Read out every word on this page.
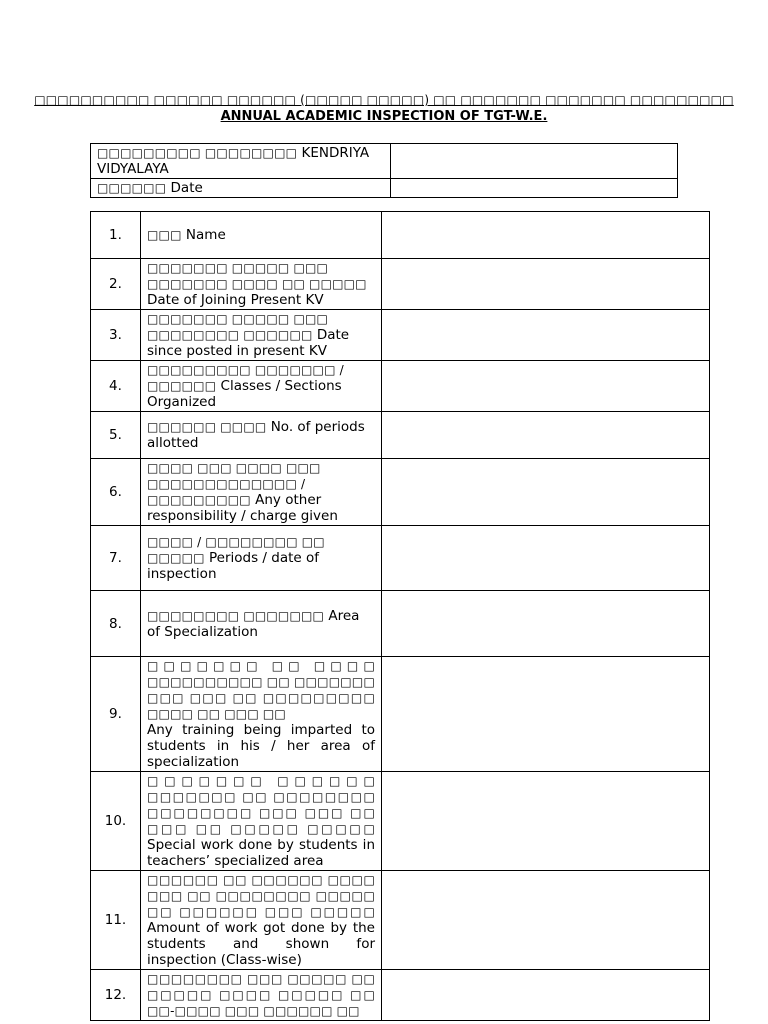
□□□□□□□□□□ □□□□□□ □□□□□□ (□□□□□ □□□□□) □□ □□□□□□□ □□□□□□□ □□□□□□□□□
ANNUAL ACADEMIC INSPECTION OF TGT-W.E.
□□□□□□□□□ □□□□□□□□ KENDRIYA VIDYALAYA	
□□□□□□ Date	
1.	□□□ Name	
2.	□□□□□□□ □□□□□ □□□ □□□□□□□ □□□□ □□ □□□□□ Date of Joining Present KV	
3.	□□□□□□□ □□□□□ □□□ □□□□□□□□ □□□□□□ Date since posted in present KV	
4.	□□□□□□□□□ □□□□□□□ / □□□□□□ Classes / Sections Organized	
5.	□□□□□□ □□□□ No. of periods allotted	
6.	□□□□ □□□ □□□□ □□□ □□□□□□□□□□□□□ / □□□□□□□□□ Any other responsibility / charge given	
7.	□□□□ / □□□□□□□□ □□ □□□□□ Periods / date of inspection	
8.	□□□□□□□□ □□□□□□□ Area of Specialization	
9.	□□□□□□□ □□ □□□□ □□□□□□□□□□ □□ □□□□□□□ □□□ □□□ □□ □□□□□□□□□ □□□□ □□ □□□ □□
Any training being imparted to students in his / her area of specialization	
10.	□□□□□□□ □□□□□□ □□□□□□□ □□ □□□□□□□□ □□□□□□□□ □□□ □□□ □□ □□□ □□ □□□□□ □□□□□ Special work done by students in teachers’ specialized area	
11.	□□□□□□ □□ □□□□□□ □□□□ □□□ □□ □□□□□□□□ □□□□□ □□ □□□□□□ □□□ □□□□□ Amount of work got done by the students and shown for inspection (Class-wise)	
12.	□□□□□□□□ □□□ □□□□□ □□ □□□□□ □□□□ □□□□□ □□ □□-□□□□ □□□ □□□□□□ □□	
